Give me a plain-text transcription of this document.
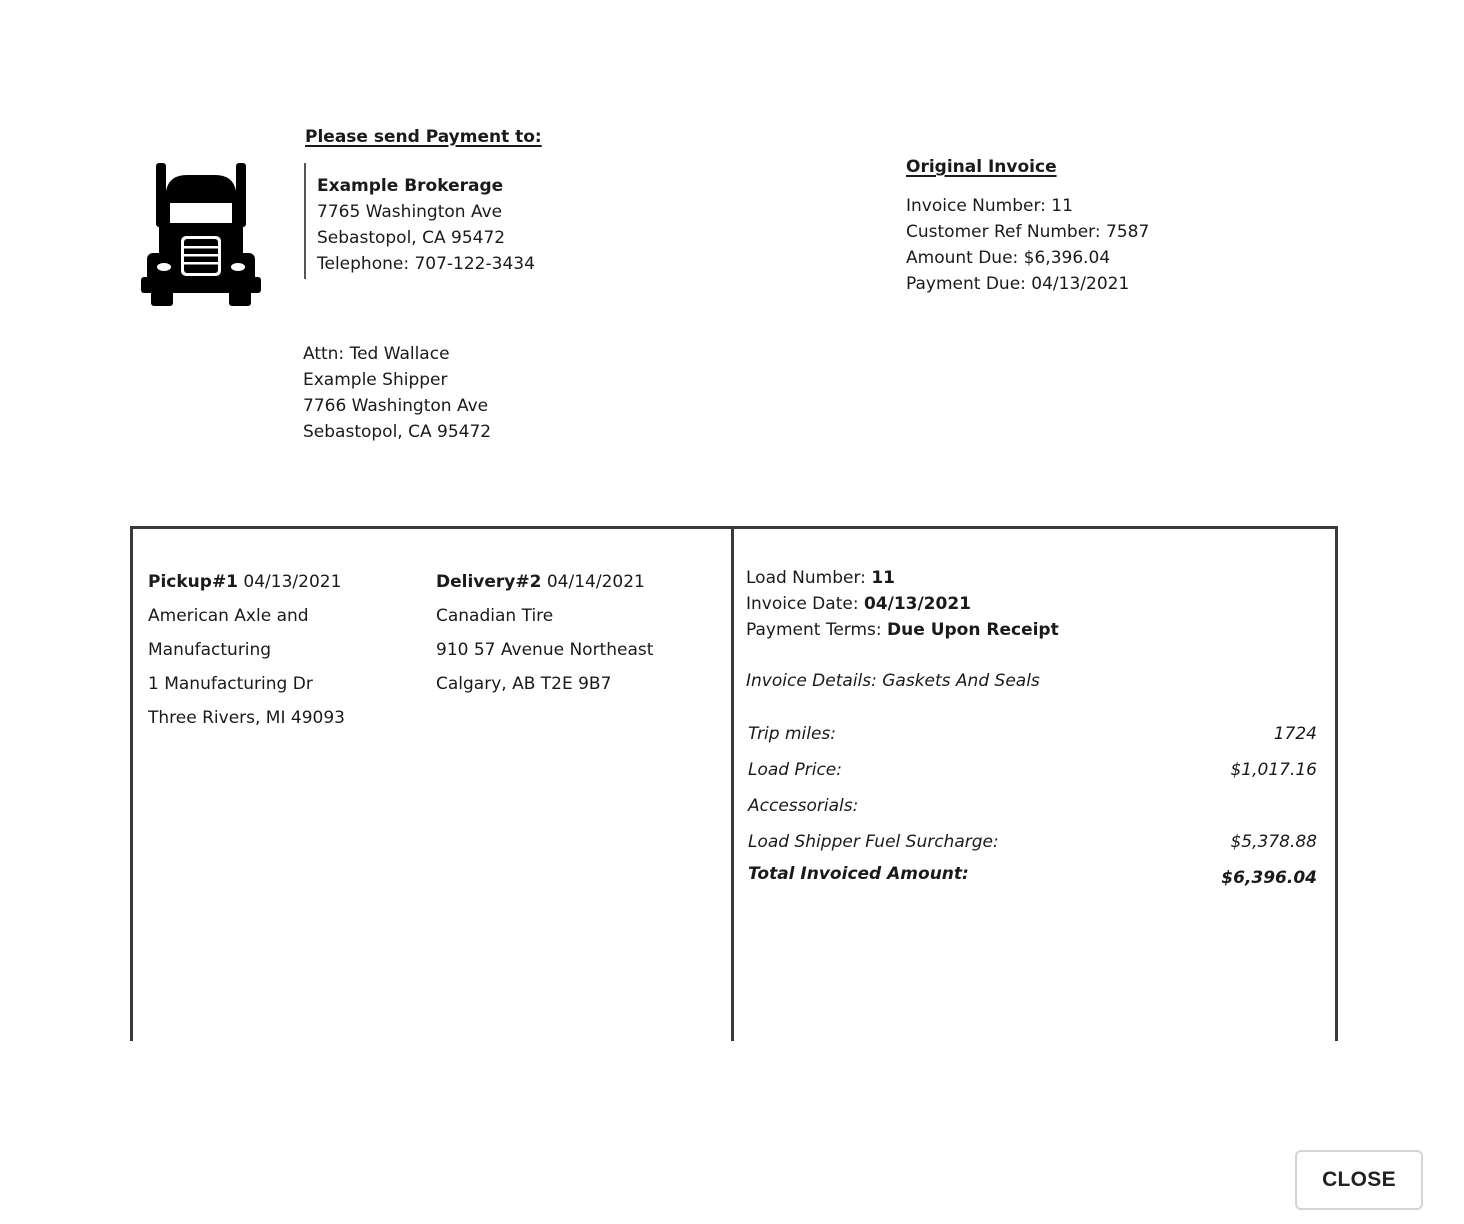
Please send Payment to:
Example Brokerage
7765 Washington Ave
Sebastopol, CA 95472
Telephone: 707-122-3434
Original Invoice
Invoice Number: 11
Customer Ref Number: 7587
Amount Due: $6,396.04
Payment Due: 04/13/2021
Attn: Ted Wallace
Example Shipper
7766 Washington Ave
Sebastopol, CA 95472
Pickup#1 04/13/2021
American Axle and
Manufacturing
1 Manufacturing Dr
Three Rivers, MI 49093
Delivery#2 04/14/2021
Canadian Tire
910 57 Avenue Northeast
Calgary, AB T2E 9B7
Load Number: 11
Invoice Date: 04/13/2021
Payment Terms: Due Upon Receipt
Invoice Details: Gaskets And Seals
Trip miles:	1724
Load Price:	$1,017.16
Accessorials:
Load Shipper Fuel Surcharge:	$5,378.88
Total Invoiced Amount:	$6,396.04
CLOSE
